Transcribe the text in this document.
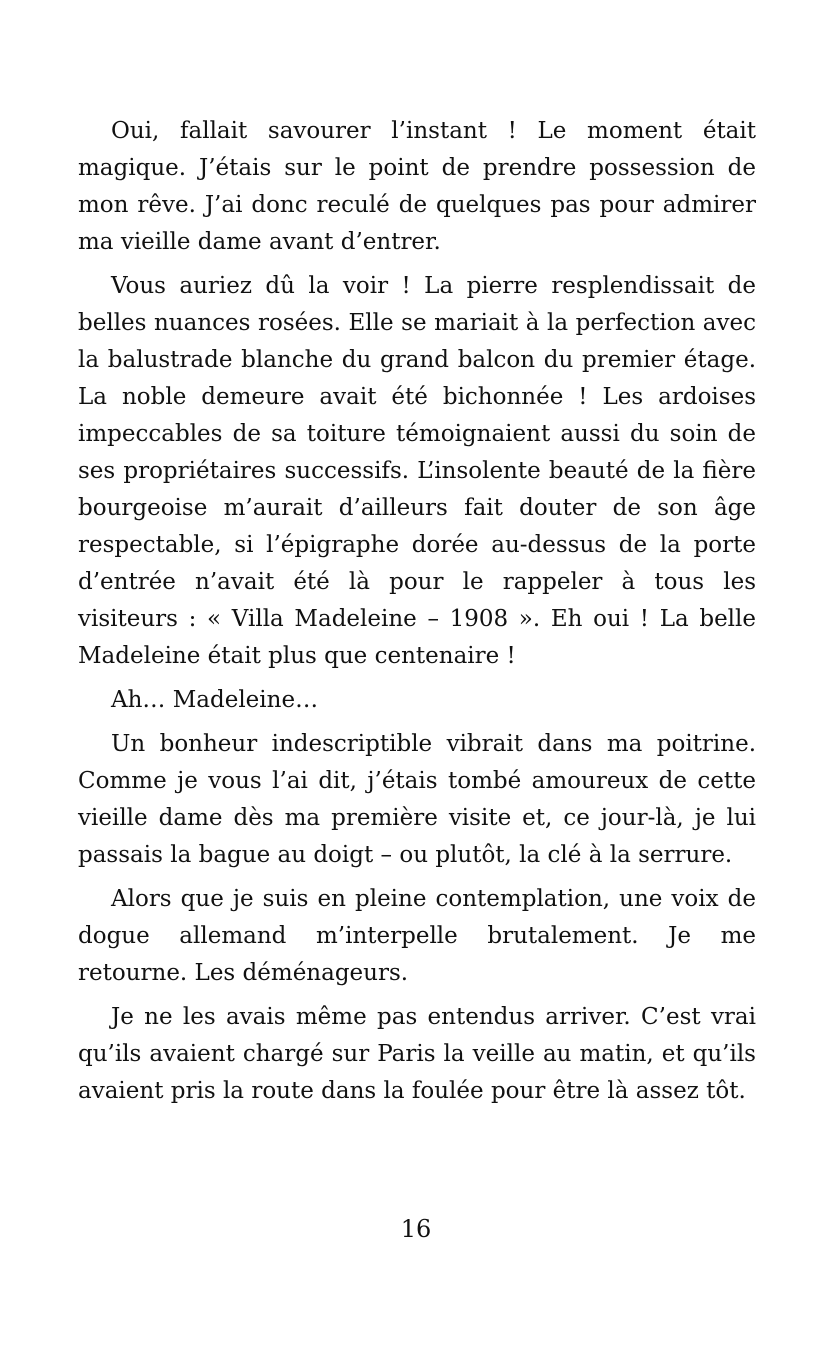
Oui, fallait savourer l’instant ! Le moment était magique. J’étais sur le point de prendre possession de mon rêve. J’ai donc reculé de quelques pas pour admirer ma vieille dame avant d’entrer.

Vous auriez dû la voir ! La pierre resplendissait de belles nuances rosées. Elle se mariait à la perfection avec la balustrade blanche du grand balcon du premier étage. La noble demeure avait été bichonnée ! Les ardoises impeccables de sa toiture témoignaient aussi du soin de ses propriétaires successifs. L’insolente beauté de la fière bourgeoise m’aurait d’ailleurs fait douter de son âge respectable, si l’épigraphe dorée au-dessus de la porte d’entrée n’avait été là pour le rappeler à tous les visiteurs : « Villa Madeleine – 1908 ». Eh oui ! La belle Madeleine était plus que centenaire !

Ah… Madeleine…

Un bonheur indescriptible vibrait dans ma poitrine. Comme je vous l’ai dit, j’étais tombé amoureux de cette vieille dame dès ma première visite et, ce jour-là, je lui passais la bague au doigt – ou plutôt, la clé à la serrure.

Alors que je suis en pleine contemplation, une voix de dogue allemand m’interpelle brutalement. Je me retourne. Les déménageurs.

Je ne les avais même pas entendus arriver. C’est vrai qu’ils avaient chargé sur Paris la veille au matin, et qu’ils avaient pris la route dans la foulée pour être là assez tôt.

16
